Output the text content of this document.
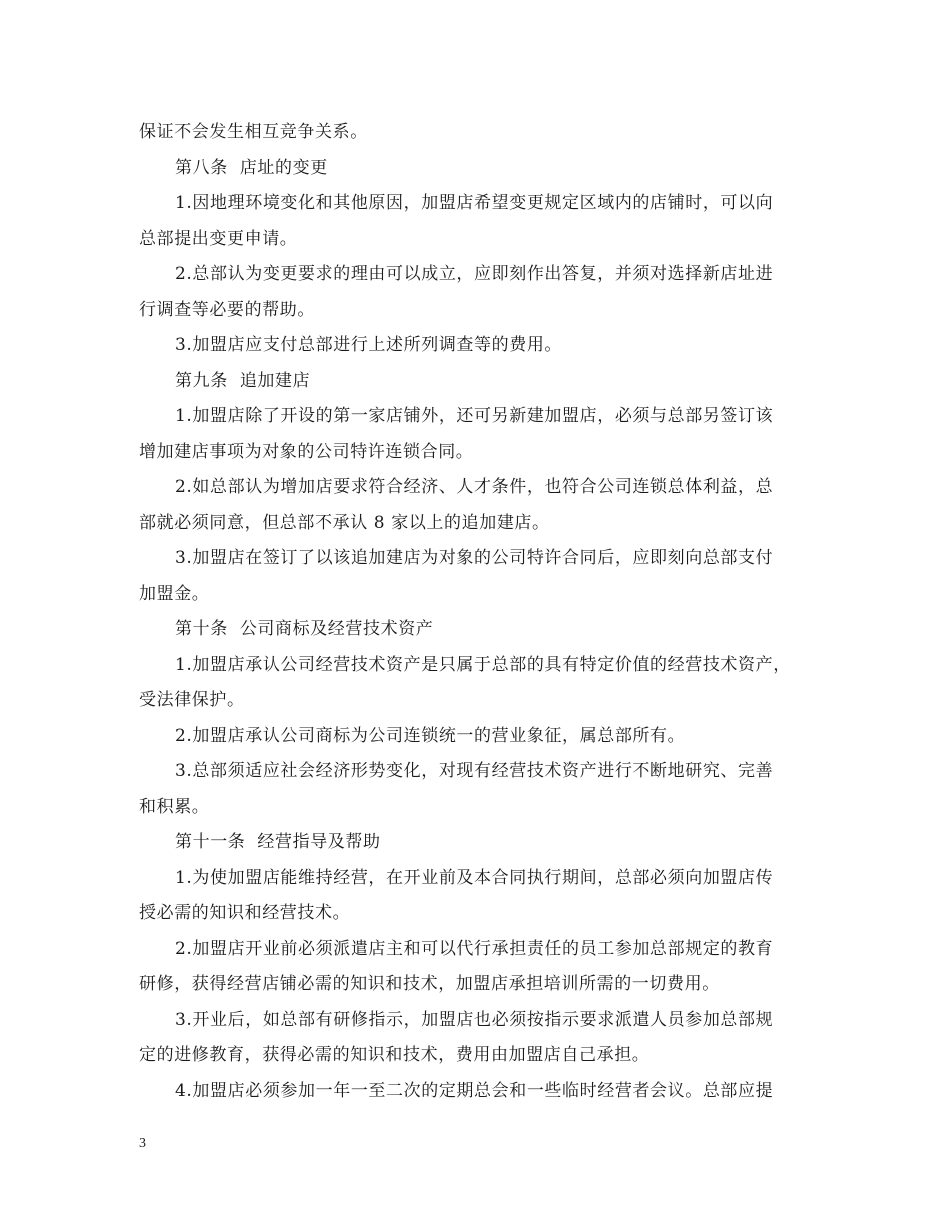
保证不会发生相互竞争关系。
第八条 店址的变更
1.因地理环境变化和其他原因，加盟店希望变更规定区域内的店铺时，可以向
总部提出变更申请。
2.总部认为变更要求的理由可以成立，应即刻作出答复，并须对选择新店址进
行调查等必要的帮助。
3.加盟店应支付总部进行上述所列调查等的费用。
第九条 追加建店
1.加盟店除了开设的第一家店铺外，还可另新建加盟店，必须与总部另签订该
增加建店事项为对象的公司特许连锁合同。
2.如总部认为增加店要求符合经济、人才条件，也符合公司连锁总体利益，总
部就必须同意，但总部不承认 8 家以上的追加建店。
3.加盟店在签订了以该追加建店为对象的公司特许合同后，应即刻向总部支付
加盟金。
第十条 公司商标及经营技术资产
1.加盟店承认公司经营技术资产是只属于总部的具有特定价值的经营技术资产，
受法律保护。
2.加盟店承认公司商标为公司连锁统一的营业象征，属总部所有。
3.总部须适应社会经济形势变化，对现有经营技术资产进行不断地研究、完善
和积累。
第十一条 经营指导及帮助
1.为使加盟店能维持经营，在开业前及本合同执行期间，总部必须向加盟店传
授必需的知识和经营技术。
2.加盟店开业前必须派遣店主和可以代行承担责任的员工参加总部规定的教育
研修，获得经营店铺必需的知识和技术，加盟店承担培训所需的一切费用。
3.开业后，如总部有研修指示，加盟店也必须按指示要求派遣人员参加总部规
定的进修教育，获得必需的知识和技术，费用由加盟店自己承担。
4.加盟店必须参加一年一至二次的定期总会和一些临时经营者会议。总部应提
3
